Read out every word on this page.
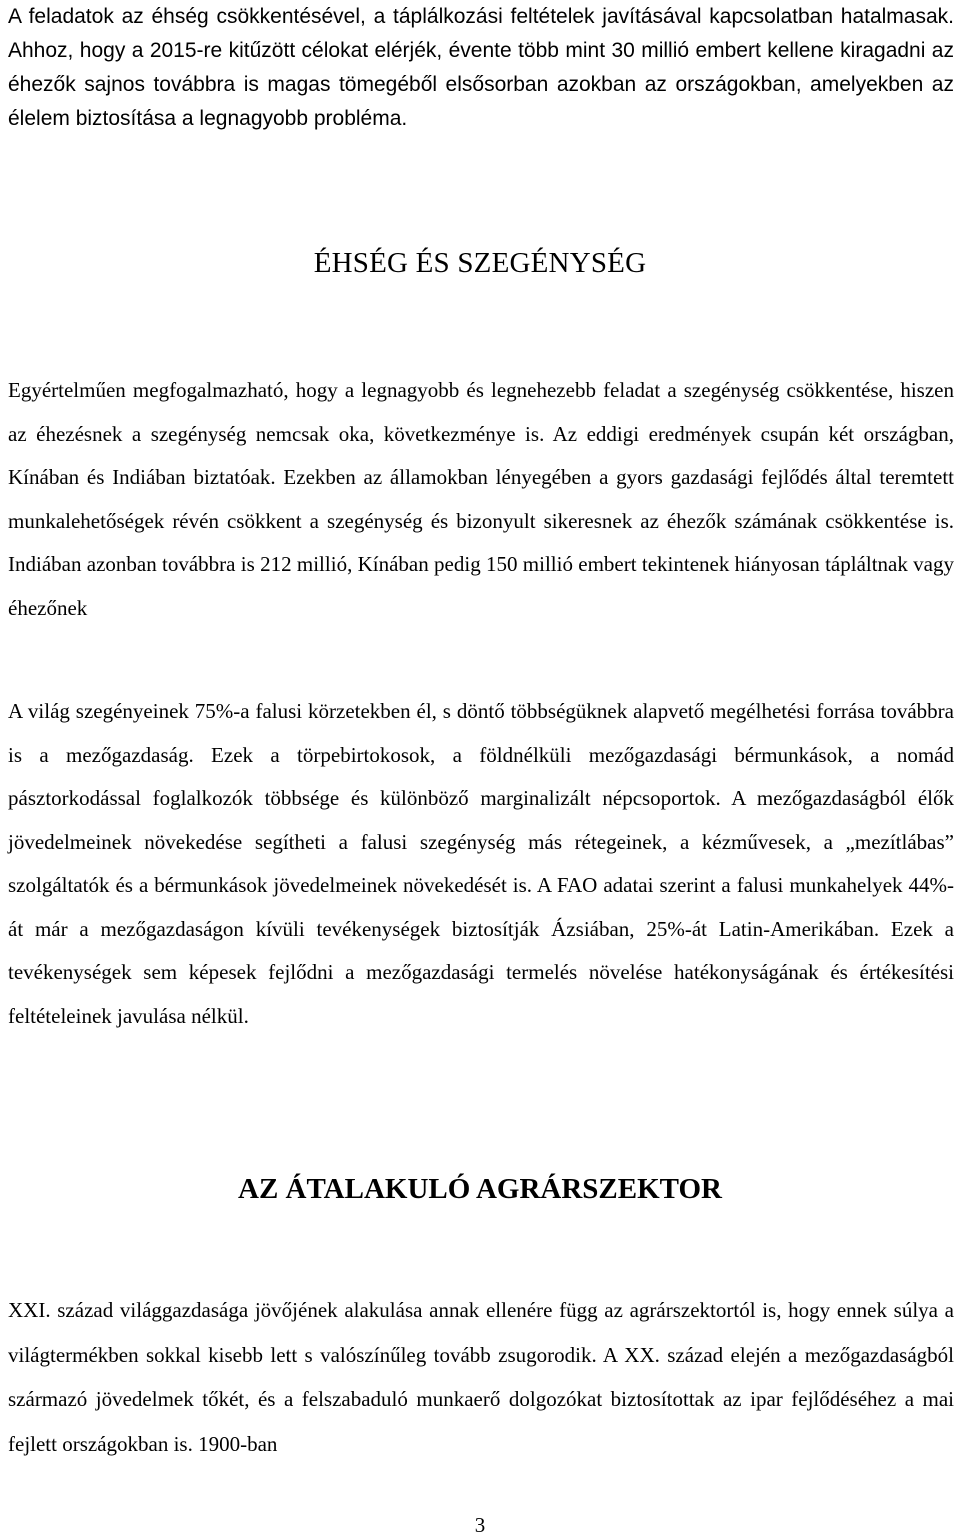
A feladatok az éhség csökkentésével, a táplálkozási feltételek javításával kapcsolatban hatalmasak. Ahhoz, hogy a 2015-re kitűzött célokat elérjék, évente több mint 30 millió embert kellene kiragadni az éhezők sajnos továbbra is magas tömegéből elsősorban azokban az országokban, amelyekben az élelem biztosítása a legnagyobb probléma.

ÉHSÉG ÉS SZEGÉNYSÉG

Egyértelműen megfogalmazható, hogy a legnagyobb és legnehezebb feladat a szegénység csökkentése, hiszen az éhezésnek a szegénység nemcsak oka, következménye is. Az eddigi eredmények csupán két országban, Kínában és Indiában biztatóak. Ezekben az államokban lényegében a gyors gazdasági fejlődés által teremtett munkalehetőségek révén csökkent a szegénység és bizonyult sikeresnek az éhezők számának csökkentése is. Indiában azonban továbbra is 212 millió, Kínában pedig 150 millió embert tekintenek hiányosan tápláltnak vagy éhezőnek

A világ szegényeinek 75%-a falusi körzetekben él, s döntő többségüknek alapvető megélhetési forrása továbbra is a mezőgazdaság. Ezek a törpebirtokosok, a földnélküli mezőgazdasági bérmunkások, a nomád pásztorkodással foglalkozók többsége és különböző marginalizált népcsoportok. A mezőgazdaságból élők jövedelmeinek növekedése segítheti a falusi szegénység más rétegeinek, a kézművesek, a „mezítlábas” szolgáltatók és a bérmunkások jövedelmeinek növekedését is. A FAO adatai szerint a falusi munkahelyek 44%-át már a mezőgazdaságon kívüli tevékenységek biztosítják Ázsiában, 25%-át Latin-Amerikában. Ezek a tevékenységek sem képesek fejlődni a mezőgazdasági termelés növelése hatékonyságának és értékesítési feltételeinek javulása nélkül.

AZ ÁTALAKULÓ AGRÁRSZEKTOR

XXI. század világgazdasága jövőjének alakulása annak ellenére függ az agrárszektortól is, hogy ennek súlya a világtermékben sokkal kisebb lett s valószínűleg tovább zsugorodik. A XX. század elején a mezőgazdaságból származó jövedelmek tőkét, és a felszabaduló munkaerő dolgozókat biztosítottak az ipar fejlődéséhez a mai fejlett országokban is. 1900-ban

3
